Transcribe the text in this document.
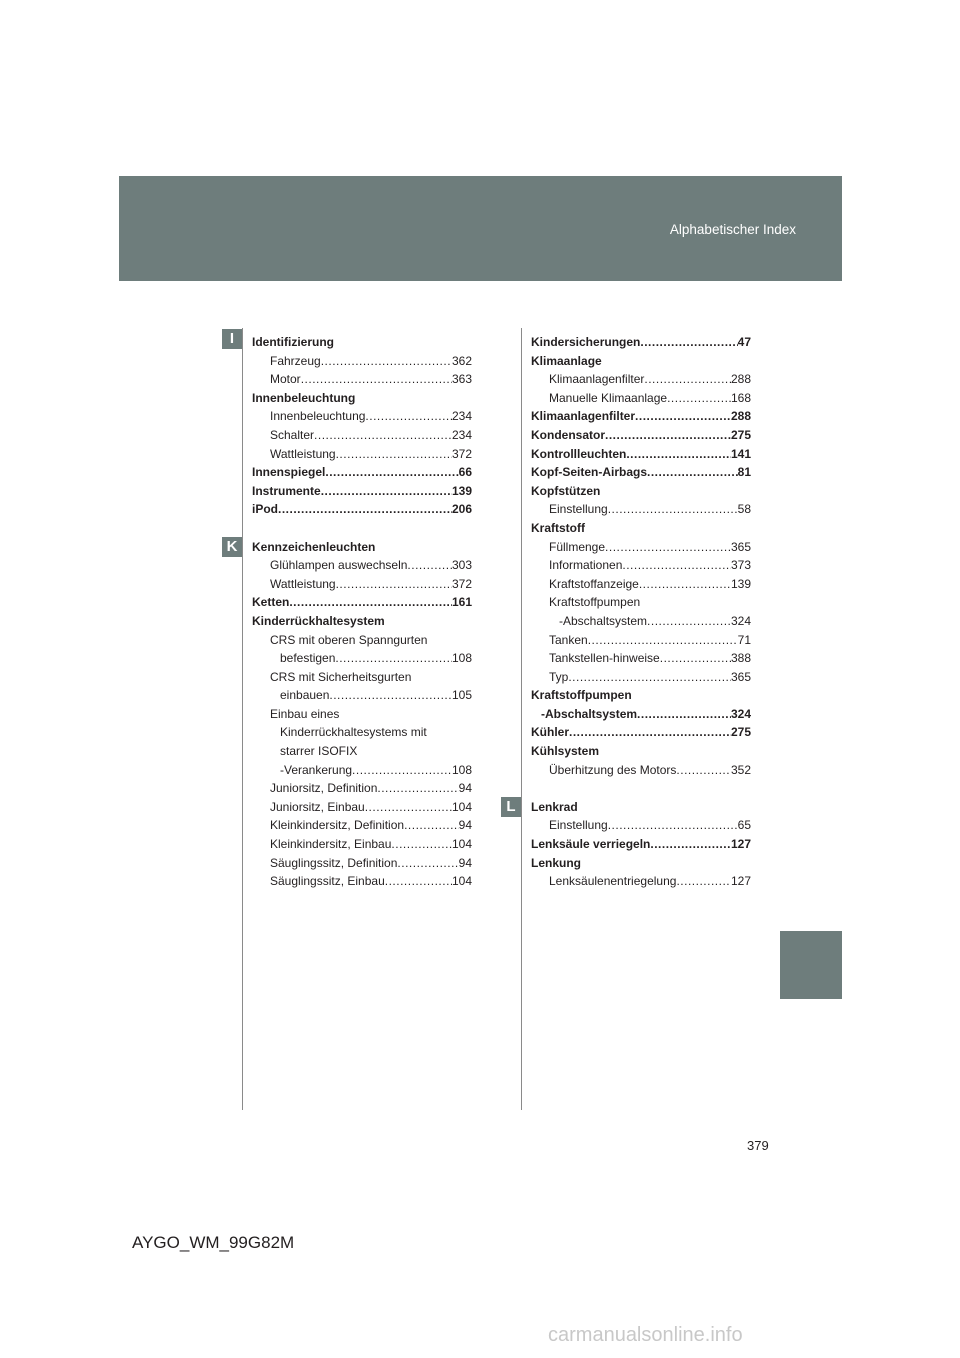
Alphabetischer Index
I
K
L
Identifizierung
Fahrzeug .....	362
Motor .....	363
Innenbeleuchtung
Innenbeleuchtung .....	234
Schalter .....	234
Wattleistung .....	372
Innenspiegel .....	66
Instrumente .....	139
iPod .....	206
Kennzeichenleuchten
Glühlampen auswechseln .....	303
Wattleistung .....	372
Ketten .....	161
Kinderrückhaltesystem
CRS mit oberen Spanngurten
befestigen .....	108
CRS mit Sicherheitsgurten
einbauen .....	105
Einbau eines
Kinderrückhaltesystems mit
starrer ISOFIX
-Verankerung .....	108
Juniorsitz, Definition .....	94
Juniorsitz, Einbau .....	104
Kleinkindersitz, Definition .....	94
Kleinkindersitz, Einbau .....	104
Säuglingssitz, Definition .....	94
Säuglingssitz, Einbau .....	104
Kindersicherungen .....	47
Klimaanlage
Klimaanlagenfilter .....	288
Manuelle Klimaanlage .....	168
Klimaanlagenfilter .....	288
Kondensator .....	275
Kontrollleuchten .....	141
Kopf-Seiten-Airbags .....	81
Kopfstützen
Einstellung .....	58
Kraftstoff
Füllmenge .....	365
Informationen .....	373
Kraftstoffanzeige .....	139
Kraftstoffpumpen
-Abschaltsystem .....	324
Tanken .....	71
Tankstellen-hinweise .....	388
Typ .....	365
Kraftstoffpumpen
-Abschaltsystem .....	324
Kühler .....	275
Kühlsystem
Überhitzung des Motors .....	352
Lenkrad
Einstellung .....	65
Lenksäule verriegeln .....	127
Lenkung
Lenksäulenentriegelung .....	127
379
AYGO_WM_99G82M
carmanualsonline.info
